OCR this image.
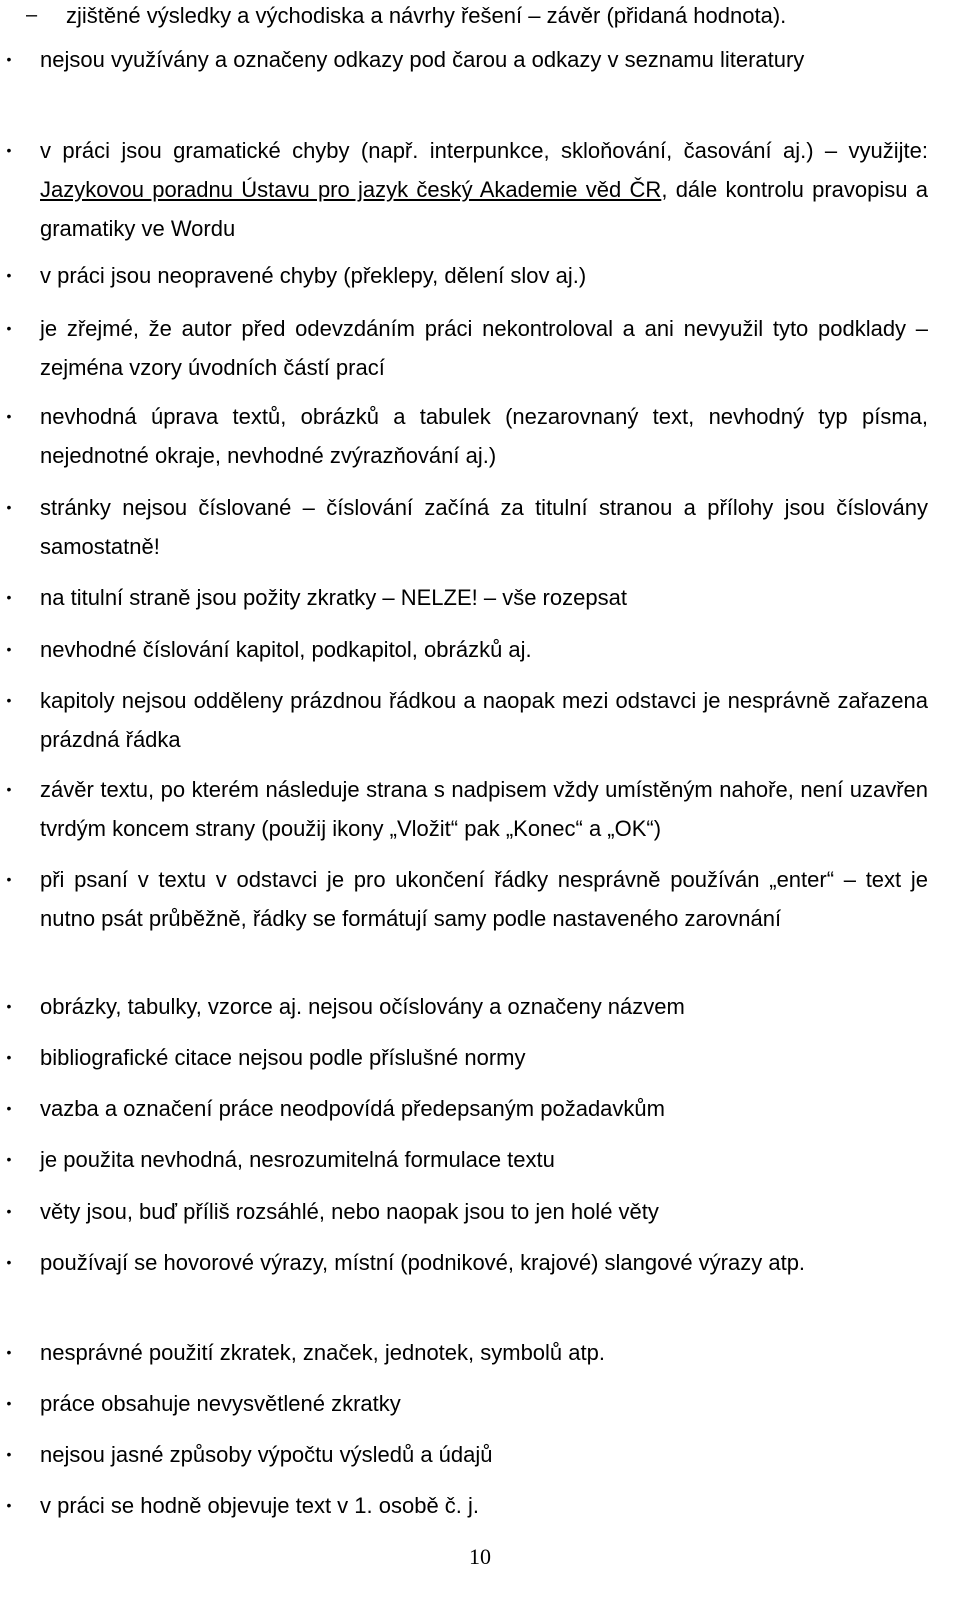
– zjištěné výsledky a východiska a návrhy řešení – závěr (přidaná hodnota).
• nejsou využívány a označeny odkazy pod čarou a odkazy v seznamu literatury
• v práci jsou gramatické chyby (např. interpunkce, skloňování, časování aj.) – využijte: Jazykovou poradnu Ústavu pro jazyk český Akademie věd ČR, dále kontrolu pravopisu a gramatiky ve Wordu
• v práci jsou neopravené chyby (překlepy, dělení slov aj.)
• je zřejmé, že autor před odevzdáním práci nekontroloval a ani nevyužil tyto podklady – zejména vzory úvodních částí prací
• nevhodná úprava textů, obrázků a tabulek (nezarovnaný text, nevhodný typ písma, nejednotné okraje, nevhodné zvýrazňování aj.)
• stránky nejsou číslované – číslování začíná za titulní stranou a přílohy jsou číslovány samostatně!
• na titulní straně jsou požity zkratky – NELZE! – vše rozepsat
• nevhodné číslování kapitol, podkapitol, obrázků aj.
• kapitoly nejsou odděleny prázdnou řádkou a naopak mezi odstavci je nesprávně zařazena prázdná řádka
• závěr textu, po kterém následuje strana s nadpisem vždy umístěným nahoře, není uzavřen tvrdým koncem strany (použij ikony „Vložit“ pak „Konec“ a „OK“)
• při psaní v textu v odstavci je pro ukončení řádky nesprávně používán „enter“ – text je nutno psát průběžně, řádky se formátují samy podle nastaveného zarovnání
• obrázky, tabulky, vzorce aj. nejsou očíslovány a označeny názvem
• bibliografické citace nejsou podle příslušné normy
• vazba a označení práce neodpovídá předepsaným požadavkům
• je použita nevhodná, nesrozumitelná formulace textu
• věty jsou, buď příliš rozsáhlé, nebo naopak jsou to jen holé věty
• používají se hovorové výrazy, místní (podnikové, krajové) slangové výrazy atp.
• nesprávné použití zkratek, značek, jednotek, symbolů atp.
• práce obsahuje nevysvětlené zkratky
• nejsou jasné způsoby výpočtu výsledů a údajů
• v práci se hodně objevuje text v 1. osobě č. j.
10
